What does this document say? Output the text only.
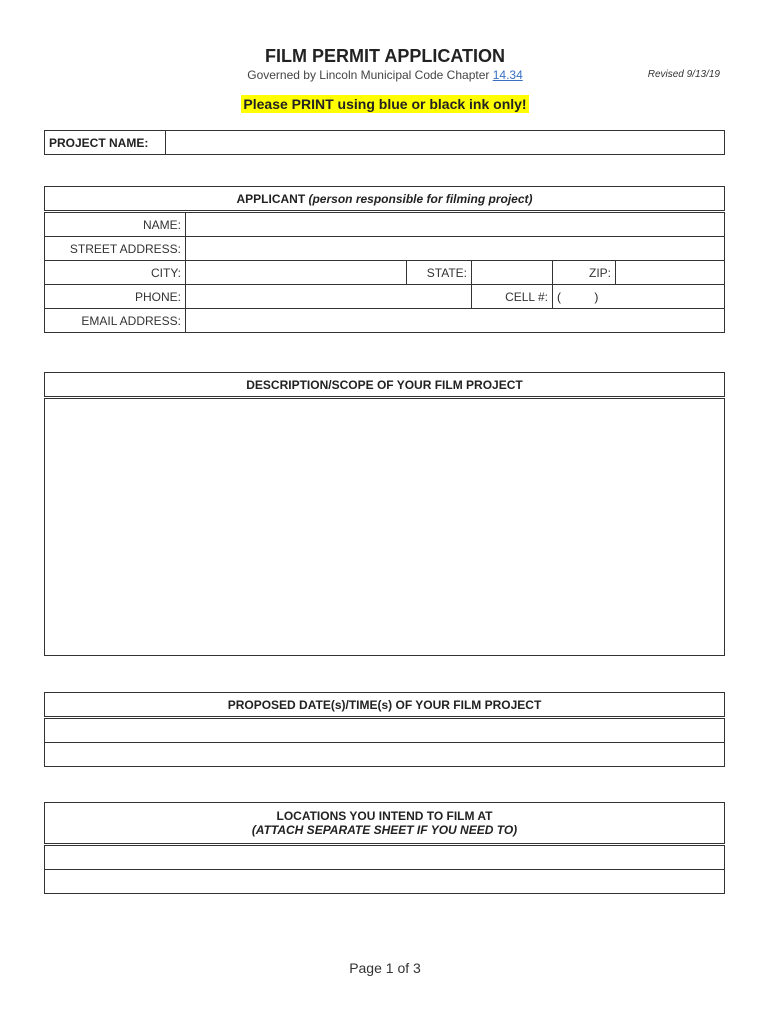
FILM PERMIT APPLICATION
Governed by Lincoln Municipal Code Chapter 14.34	Revised 9/13/19
Please PRINT using blue or black ink only!
PROJECT NAME:	
APPLICANT (person responsible for filming project)					
NAME:					
STREET ADDRESS:					
CITY:		STATE:		ZIP:	
PHONE:			CELL #:	(          )	
EMAIL ADDRESS:					
DESCRIPTION/SCOPE OF YOUR FILM PROJECT

PROPOSED DATE(s)/TIME(s) OF YOUR FILM PROJECT

LOCATIONS YOU INTEND TO FILM AT
(ATTACH SEPARATE SHEET IF YOU NEED TO)

Page 1 of 3
